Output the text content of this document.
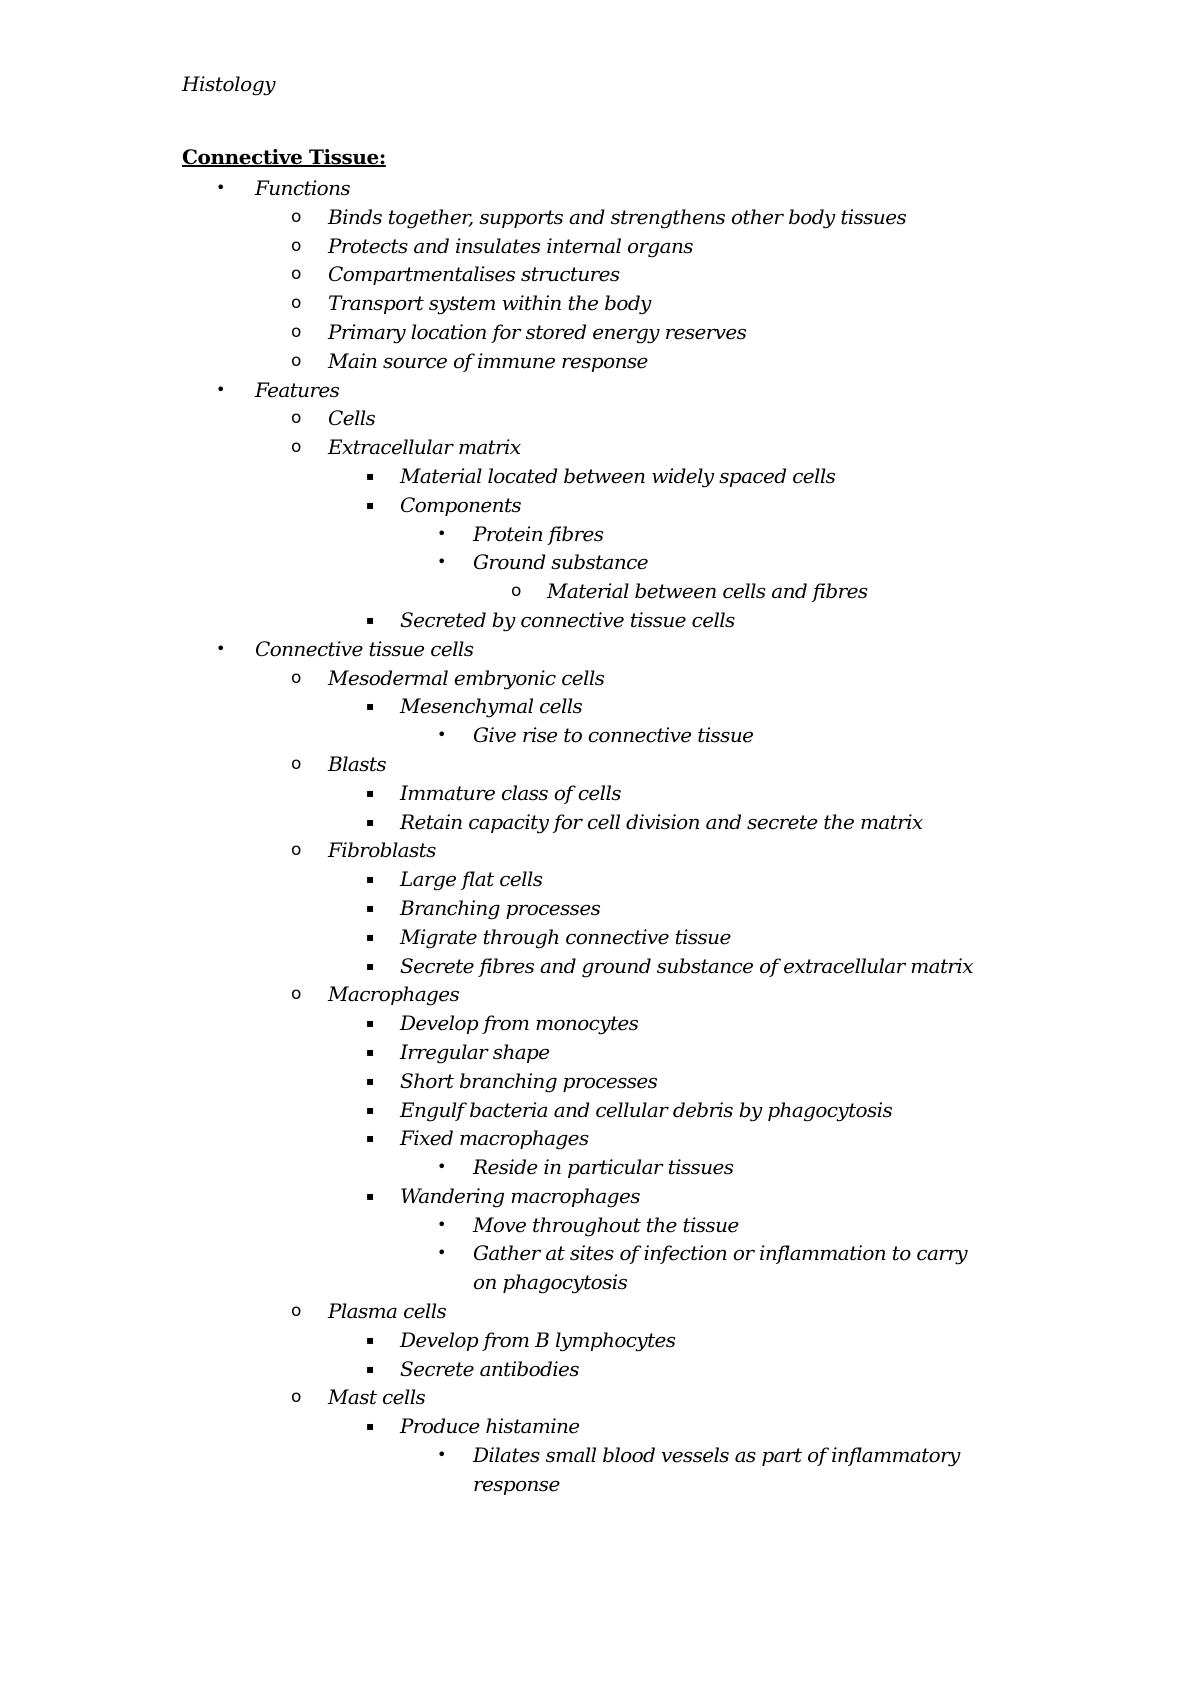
Histology
Connective Tissue:
• Functions
o Binds together, supports and strengthens other body tissues
o Protects and insulates internal organs
o Compartmentalises structures
o Transport system within the body
o Primary location for stored energy reserves
o Main source of immune response
• Features
o Cells
o Extracellular matrix
▪ Material located between widely spaced cells
▪ Components
• Protein fibres
• Ground substance
o Material between cells and fibres
▪ Secreted by connective tissue cells
• Connective tissue cells
o Mesodermal embryonic cells
▪ Mesenchymal cells
• Give rise to connective tissue
o Blasts
▪ Immature class of cells
▪ Retain capacity for cell division and secrete the matrix
o Fibroblasts
▪ Large flat cells
▪ Branching processes
▪ Migrate through connective tissue
▪ Secrete fibres and ground substance of extracellular matrix
o Macrophages
▪ Develop from monocytes
▪ Irregular shape
▪ Short branching processes
▪ Engulf bacteria and cellular debris by phagocytosis
▪ Fixed macrophages
• Reside in particular tissues
▪ Wandering macrophages
• Move throughout the tissue
• Gather at sites of infection or inflammation to carry
on phagocytosis
o Plasma cells
▪ Develop from B lymphocytes
▪ Secrete antibodies
o Mast cells
▪ Produce histamine
• Dilates small blood vessels as part of inflammatory
response
